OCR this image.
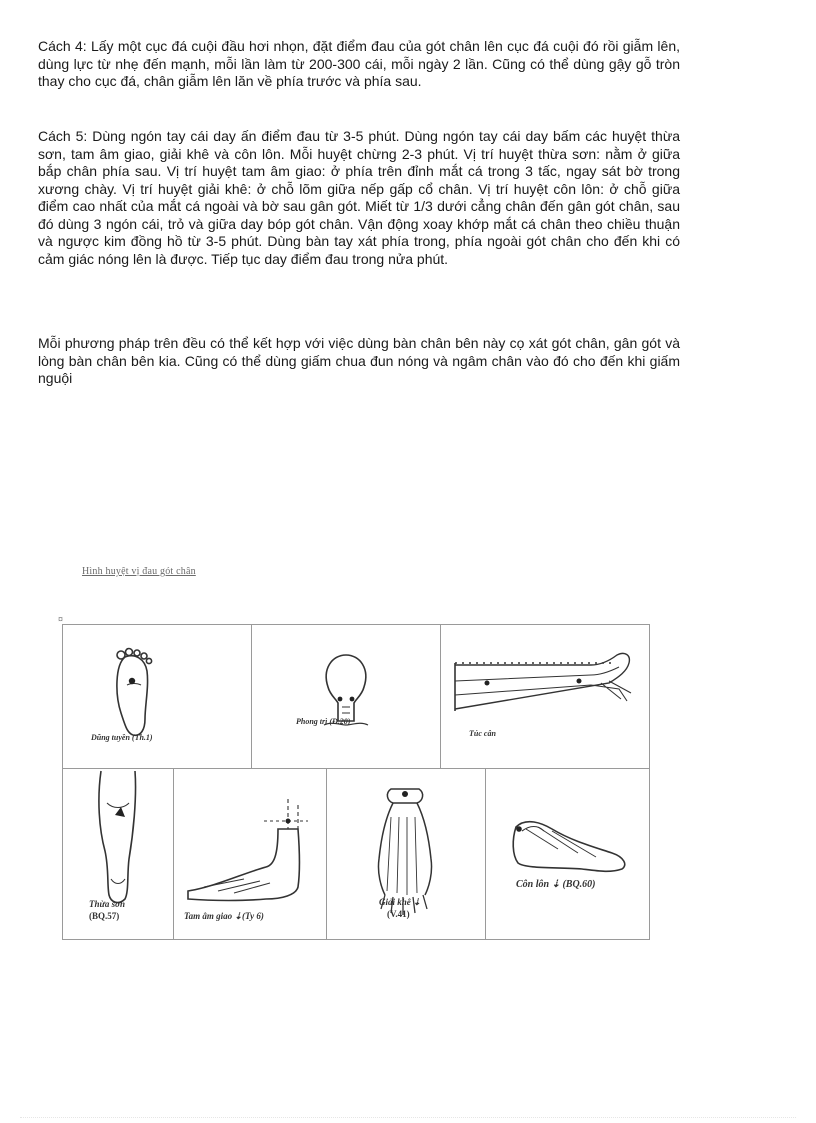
Cách 4: Lấy một cục đá cuội đầu hơi nhọn, đặt điểm đau của gót chân lên cục đá cuội đó rồi giẫm lên, dùng lực từ nhẹ đến mạnh, mỗi lần làm từ 200-300 cái, mỗi ngày 2 lần. Cũng có thể dùng gậy gỗ tròn thay cho cục đá, chân giẫm lên lăn về phía trước và phía sau.

Cách 5: Dùng ngón tay cái day ấn điểm đau từ 3-5 phút. Dùng ngón tay cái day bấm các huyệt thừa sơn, tam âm giao, giải khê và côn lôn. Mỗi huyệt chừng 2-3 phút. Vị trí huyệt thừa sơn: nằm ở giữa bắp chân phía sau. Vị trí huyệt tam âm giao: ở phía trên đỉnh mắt cá trong 3 tấc, ngay sát bờ trong xương chày. Vị trí huyệt giải khê: ở chỗ lõm giữa nếp gấp cổ chân. Vị trí huyệt côn lôn: ở chỗ giữa điểm cao nhất của mắt cá ngoài và bờ sau gân gót. Miết từ 1/3 dưới cẳng chân đến gân gót chân, sau đó dùng 3 ngón cái, trỏ và giữa day bóp gót chân. Vận động xoay khớp mắt cá chân theo chiều thuận và ngược kim đồng hồ từ 3-5 phút. Dùng bàn tay xát phía trong, phía ngoài gót chân cho đến khi có cảm giác nóng lên là được. Tiếp tục day điểm đau trong nửa phút.

Mỗi phương pháp trên đều có thể kết hợp với việc dùng bàn chân bên này cọ xát gót chân, gân gót và lòng bàn chân bên kia. Cũng có thể dùng giấm chua đun nóng và ngâm chân vào đó cho đến khi giấm nguội

Hình huyệt vị đau gót chân
¤
Dũng tuyền (Th.1)
Phong trì (Đ.20)
Túc cân
Thừa sơn
(BQ.57)	Tam âm giao ⇣(Ty 6)
Giải khê ⇣
(V.41)
Côn lôn ⇣ (BQ.60)
